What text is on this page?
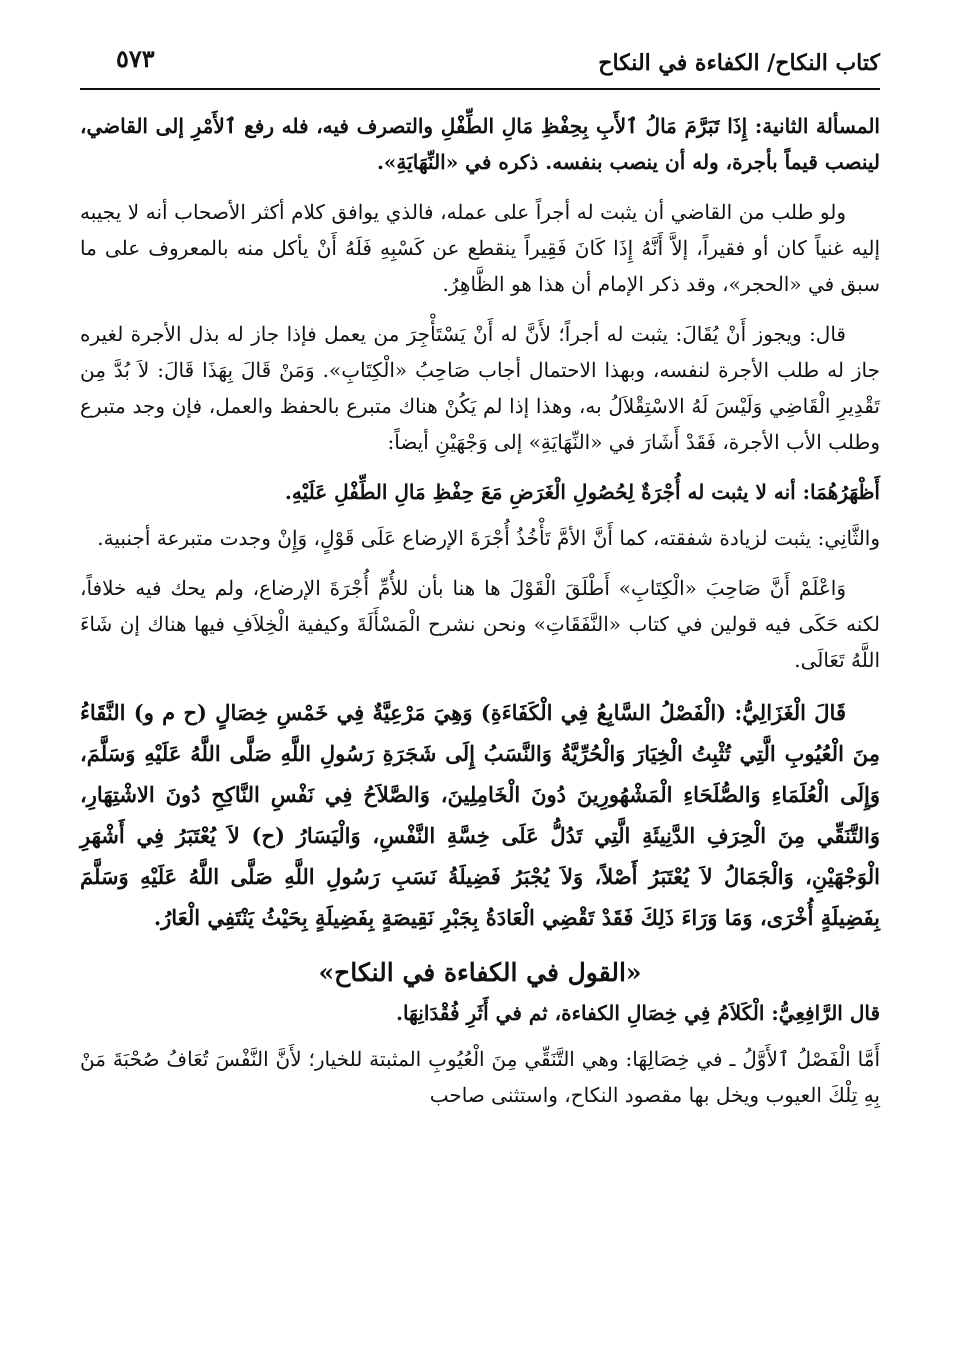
كتاب النكاح/ الكفاءة في النكاح
٥٧٣

المسألة الثانية: إِذَا تَبَرَّمَ مَالُ ٱلأَبِ بِحِفْظِ مَالِ الطِّفْلِ والتصرف فيه، فله رفع ٱلأَمْرِ إلى القاضي، لينصب قيماً بأجرة، وله أن ينصب بنفسه. ذكره في «النِّهَايَةِ».

ولو طلب من القاضي أن يثبت له أجراً على عمله، فالذي يوافق كلام أكثر الأصحاب أنه لا يجيبه إليه غنياً كان أو فقيراً، إلاَّ أَنَّهُ إِذَا كَانَ فَقِيراً ينقطع عن كَسْبِهِ فَلَهُ أَنْ يأكل منه بالمعروف على ما سبق في «الحجر»، وقد ذكر الإمام أن هذا هو الظَّاهِرُ.

قال: ويجوز أَنْ يُقَالَ: يثبت له أجراً؛ لأَنَّ له أَنْ يَسْتَأْجِرَ من يعمل فإذا جاز له بذل الأجرة لغيره جاز له طلب الأجرة لنفسه، وبهذا الاحتمال أجاب صَاحِبُ «الْكِتَابِ». وَمَنْ قَالَ بِهَذَا قَالَ: لاَ بُدَّ مِن تَقْدِيرِ الْقَاضِي وَلَيْسَ لَهُ الاسْتِقْلاَلُ به، وهذا إذا لم يَكُنْ هناك متبرع بالحفظ والعمل، فإن وجد متبرع وطلب الأب الأجرة، فَقَدْ أَشَارَ في «النِّهَايَةِ» إلى وَجْهَيْنِ أيضاً:

أَظْهَرُهُمَا: أنه لا يثبت له أُجْرَةٌ لِحُصُولِ الْغَرَضِ مَعَ حِفْظِ مَالِ الطِّفْلِ عَلَيْهِ.

والثَّانِي: يثبت لزيادة شفقته، كما أَنَّ الأمَّ تَأْخُذُ أُجْرَةَ الإرضاع عَلَى قَوْلٍ، وَإِنْ وجدت متبرعة أجنبية.

وَاعْلَمْ أَنَّ صَاحِبَ «الْكِتَابِ» أَطْلَقَ الْقَوْلَ ها هنا بأن للأُمِّ أُجْرَةَ الإرضاع، ولم يحك فيه خلافاً، لكنه حَكَى فيه قولين في كتاب «النَّفَقَاتِ» ونحن نشرح الْمَسْأَلَةَ وكيفية الْخِلاَفِ فيها هناك إن شَاءَ اللَّهُ تَعَالَى.

قَالَ الْغَزَالِيُّ: (الْفَصْلُ السَّابِعُ فِي الْكَفَاءَةِ) وَهِيَ مَرْعِيَّةٌ فِي خَمْسِ خِصَالٍ (ح م و) النَّقَاءُ مِنَ الْعُيُوبِ الَّتِي تُثْبِتُ الْخِيَارَ وَالْحُرِّيَّةُ وَالنَّسَبُ إِلَى شَجَرَةِ رَسُولِ اللَّهِ صَلَّى اللَّهُ عَلَيْهِ وَسَلَّمَ، وَإِلَى الْعُلَمَاءِ وَالصُّلَحَاءِ الْمَشْهُورِينَ دُونَ الْخَامِلِينَ، وَالصَّلاَحُ فِي نَفْسِ النَّاكِحِ دُونَ الاشْتِهَارِ، وَالتَّنَقِّي مِنَ الْحِرَفِ الدَّنِيئَةِ الَّتِي تَدُلُّ عَلَى خِسَّةِ النَّفْسِ، وَالْيَسَارُ (ح) لاَ يُعْتَبَرُ فِي أَشْهَرِ الْوَجْهَيْنِ، وَالْجَمَالُ لاَ يُعْتَبَرُ أَصْلاً، وَلاَ يُجْبَرُ فَضِيلَةُ نَسَبِ رَسُولِ اللَّهِ صَلَّى اللَّهُ عَلَيْهِ وَسَلَّمَ بِفَضِيلَةٍ أُخْرَى، وَمَا وَرَاءَ ذَلِكَ فَقَدْ تَقْضِي الْعَادَةُ بِجَبْرِ نَقِيصَةٍ بِفَضِيلَةٍ بِحَيْثُ يَنْتَفِي الْعَارُ.

«القول في الكفاءة في النكاح»

قال الرَّافِعِيُّ: الْكَلاَمُ فِي خِصَالِ الكفاءة، ثم في أَثَرِ فُقْدَانِهَا.

أَمَّا الْفَصْلُ ٱلأَوَّلُ ـ في خِصَالِهَا: وهي التَّنَقِّي مِنَ الْعُيُوبِ المثبتة للخيار؛ لأَنَّ النَّفْسَ تُعَافُ صُحْبَةَ مَنْ بِهِ تِلْكَ العيوب ويخل بها مقصود النكاح، واستثنى صاحب
